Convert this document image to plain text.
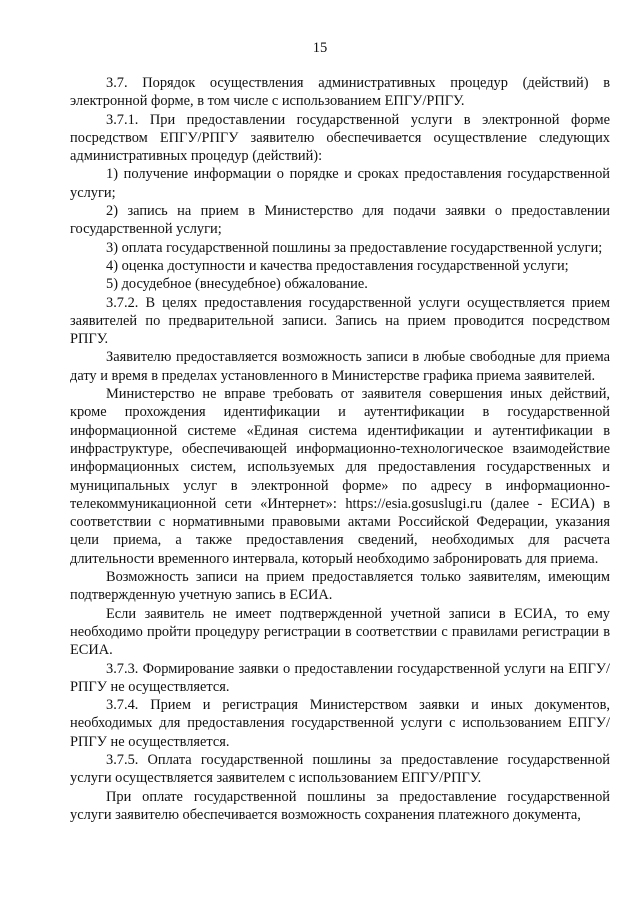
15

3.7. Порядок осуществления административных процедур (действий) в электронной форме, в том числе с использованием ЕПГУ/РПГУ.

3.7.1. При предоставлении государственной услуги в электронной форме посредством ЕПГУ/РПГУ заявителю обеспечивается осуществление следующих административных процедур (действий):

1) получение информации о порядке и сроках предоставления государственной услуги;

2) запись на прием в Министерство для подачи заявки о предоставлении государственной услуги;

3) оплата государственной пошлины за предоставление государственной услуги;

4) оценка доступности и качества предоставления государственной услуги;

5) досудебное (внесудебное) обжалование.

3.7.2. В целях предоставления государственной услуги осуществляется прием заявителей по предварительной записи. Запись на прием проводится посредством РПГУ.

Заявителю предоставляется возможность записи в любые свободные для приема дату и время в пределах установленного в Министерстве графика приема заявителей.

Министерство не вправе требовать от заявителя совершения иных действий, кроме прохождения идентификации и аутентификации в государственной информационной системе «Единая система идентификации и аутентификации в инфраструктуре, обеспечивающей информационно-технологическое взаимодействие информационных систем, используемых для предоставления государственных и муниципальных услуг в электронной форме» по адресу в информационно-телекоммуникационной сети «Интернет»: https://esia.gosuslugi.ru (далее - ЕСИА) в соответствии с нормативными правовыми актами Российской Федерации, указания цели приема, а также предоставления сведений, необходимых для расчета длительности временного интервала, который необходимо забронировать для приема.

Возможность записи на прием предоставляется только заявителям, имеющим подтвержденную учетную запись в ЕСИА.

Если заявитель не имеет подтвержденной учетной записи в ЕСИА, то ему необходимо пройти процедуру регистрации в соответствии с правилами регистрации в ЕСИА.

3.7.3. Формирование заявки о предоставлении государственной услуги на ЕПГУ/РПГУ не осуществляется.

3.7.4. Прием и регистрация Министерством заявки и иных документов, необходимых для предоставления государственной услуги с использованием ЕПГУ/РПГУ не осуществляется.

3.7.5. Оплата государственной пошлины за предоставление государственной услуги осуществляется заявителем с использованием ЕПГУ/РПГУ.

При оплате государственной пошлины за предоставление государственной услуги заявителю обеспечивается возможность сохранения платежного документа,
